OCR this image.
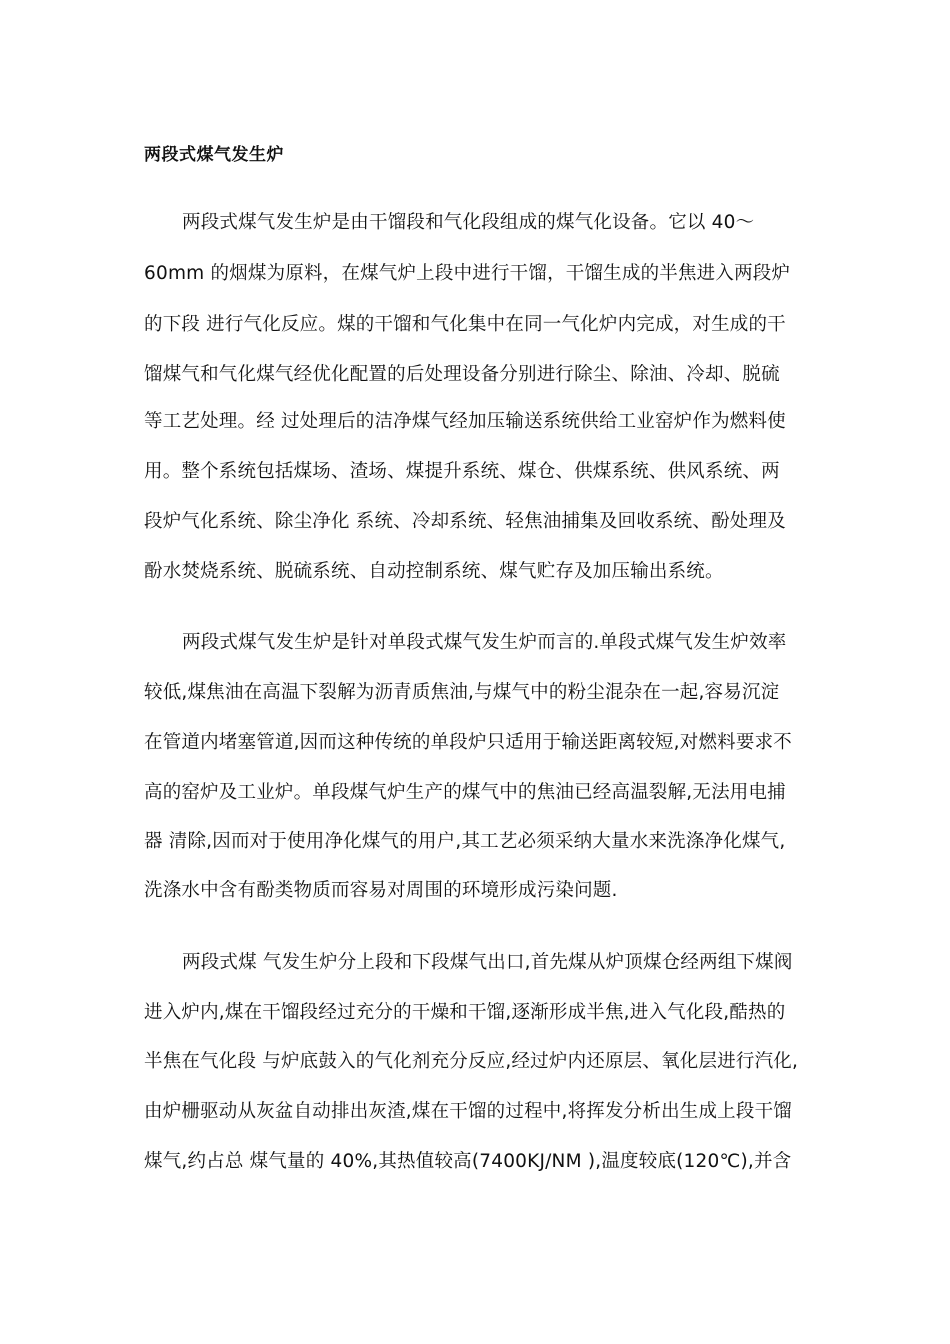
两段式煤气发生炉
两段式煤气发生炉是由干馏段和气化段组成的煤气化设备。它以 40～
60mm 的烟煤为原料，在煤气炉上段中进行干馏，干馏生成的半焦进入两段炉
的下段 进行气化反应。煤的干馏和气化集中在同一气化炉内完成，对生成的干
馏煤气和气化煤气经优化配置的后处理设备分别进行除尘、除油、冷却、脱硫
等工艺处理。经 过处理后的洁净煤气经加压输送系统供给工业窑炉作为燃料使
用。整个系统包括煤场、渣场、煤提升系统、煤仓、供煤系统、供风系统、两
段炉气化系统、除尘净化 系统、冷却系统、轻焦油捕集及回收系统、酚处理及
酚水焚烧系统、脱硫系统、自动控制系统、煤气贮存及加压输出系统。
两段式煤气发生炉是针对单段式煤气发生炉而言的.单段式煤气发生炉效率
较低,煤焦油在高温下裂解为沥青质焦油,与煤气中的粉尘混杂在一起,容易沉淀
在管道内堵塞管道,因而这种传统的单段炉只适用于输送距离较短,对燃料要求不
高的窑炉及工业炉。单段煤气炉生产的煤气中的焦油已经高温裂解,无法用电捕
器 清除,因而对于使用净化煤气的用户,其工艺必须采纳大量水来洗涤净化煤气,
洗涤水中含有酚类物质而容易对周围的环境形成污染问题.
两段式煤 气发生炉分上段和下段煤气出口,首先煤从炉顶煤仓经两组下煤阀
进入炉内,煤在干馏段经过充分的干燥和干馏,逐渐形成半焦,进入气化段,酷热的
半焦在气化段 与炉底鼓入的气化剂充分反应,经过炉内还原层、氧化层进行汽化,
由炉栅驱动从灰盆自动排出灰渣,煤在干馏的过程中,将挥发分析出生成上段干馏
煤气,约占总 煤气量的 40%,其热值较高(7400KJ/NM ),温度较底(120℃),并含
